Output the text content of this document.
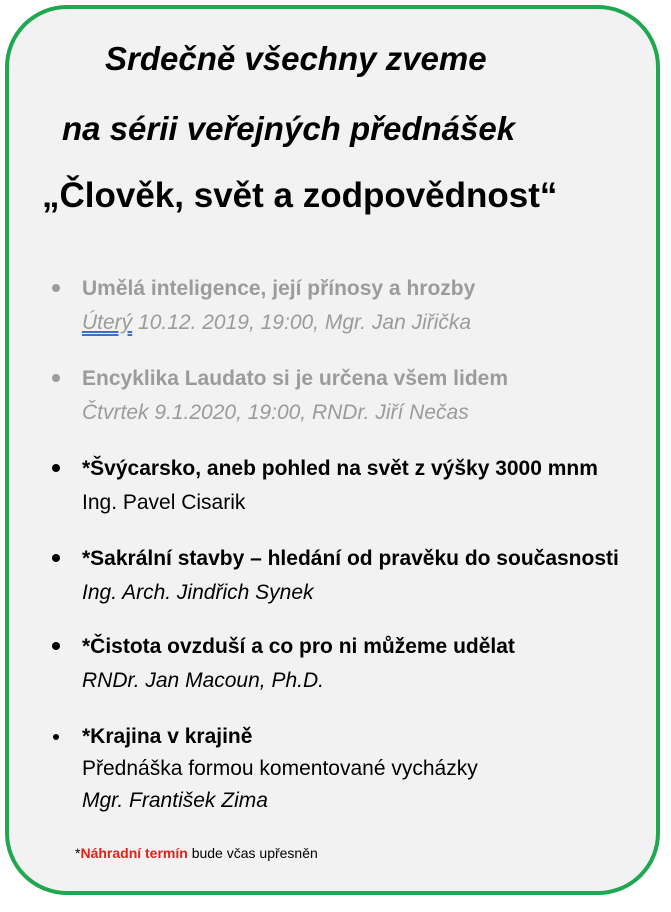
Srdečně všechny zveme
na sérii veřejných přednášek
„Člověk, svět a zodpovědnost“
Umělá inteligence, její přínosy a hrozby
Úterý 10.12. 2019, 19:00, Mgr. Jan Jiřička
Encyklika Laudato si je určena všem lidem
Čtvrtek 9.1.2020, 19:00, RNDr. Jiří Nečas
*Švýcarsko, aneb pohled na svět z výšky 3000 mnm
Ing. Pavel Cisarik
*Sakrální stavby – hledání od pravěku do současnosti
Ing. Arch. Jindřich Synek
*Čistota ovzduší a co pro ni můžeme udělat
RNDr. Jan Macoun, Ph.D.
*Krajina v krajině
Přednáška formou komentované vycházky
Mgr. František Zima
*Náhradní termín bude včas upřesněn
